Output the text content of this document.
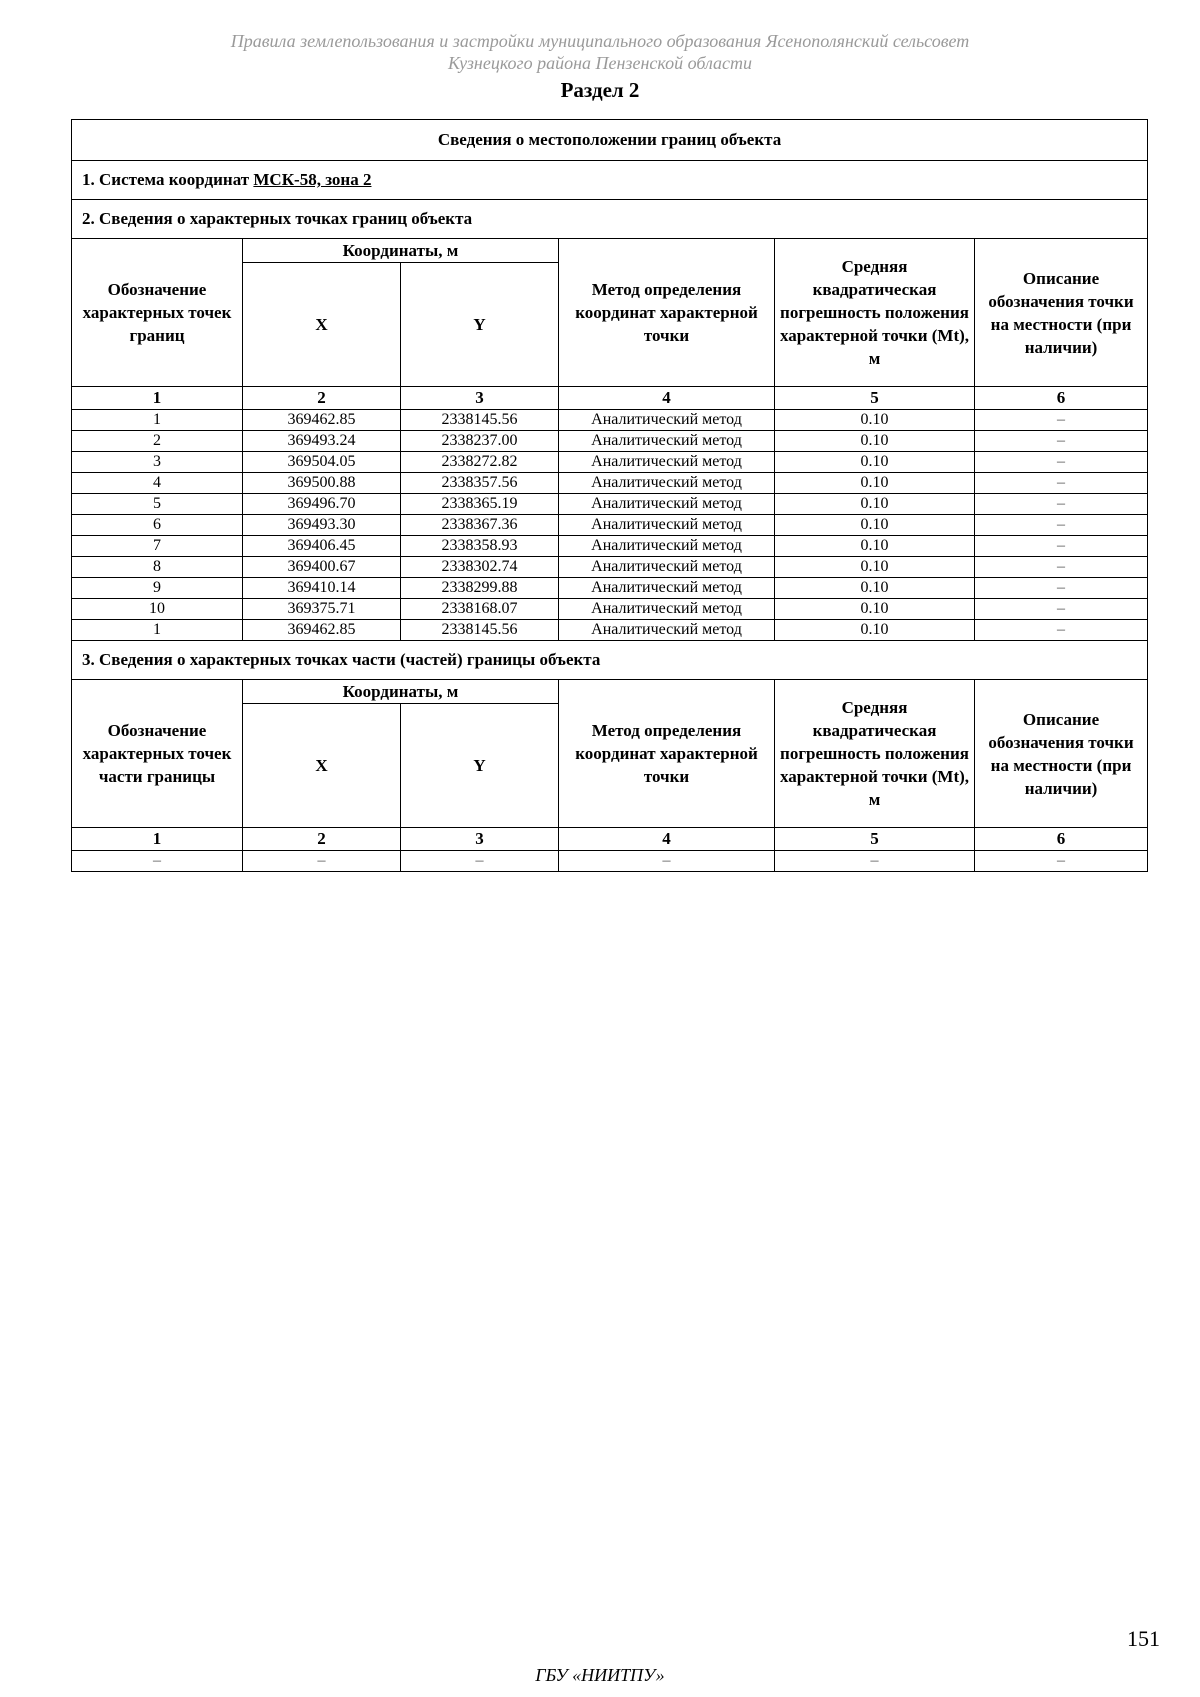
Правила землепользования и застройки муниципального образования Ясенополянский сельсовет
Кузнецкого района Пензенской области
Раздел 2
Сведения о местоположении границ объекта					
1. Система координат МСК-58, зона 2					
2. Сведения о характерных точках границ объекта					
Обозначение характерных точек границ	Координаты, м		Метод определения координат характерной точки	Средняя квадратическая погрешность положения характерной точки (Mt), м	Описание обозначения точки на местности (при наличии)
	X	Y			
1	2	3	4	5	6
1	369462.85	2338145.56	Аналитический метод	0.10	–
2	369493.24	2338237.00	Аналитический метод	0.10	–
3	369504.05	2338272.82	Аналитический метод	0.10	–
4	369500.88	2338357.56	Аналитический метод	0.10	–
5	369496.70	2338365.19	Аналитический метод	0.10	–
6	369493.30	2338367.36	Аналитический метод	0.10	–
7	369406.45	2338358.93	Аналитический метод	0.10	–
8	369400.67	2338302.74	Аналитический метод	0.10	–
9	369410.14	2338299.88	Аналитический метод	0.10	–
10	369375.71	2338168.07	Аналитический метод	0.10	–
1	369462.85	2338145.56	Аналитический метод	0.10	–
3. Сведения о характерных точках части (частей) границы объекта					
Обозначение характерных точек части границы	Координаты, м		Метод определения координат характерной точки	Средняя квадратическая погрешность положения характерной точки (Mt), м	Описание обозначения точки на местности (при наличии)
	X	Y			
1	2	3	4	5	6
–	–	–	–	–	–
151
ГБУ «НИИТПУ»
